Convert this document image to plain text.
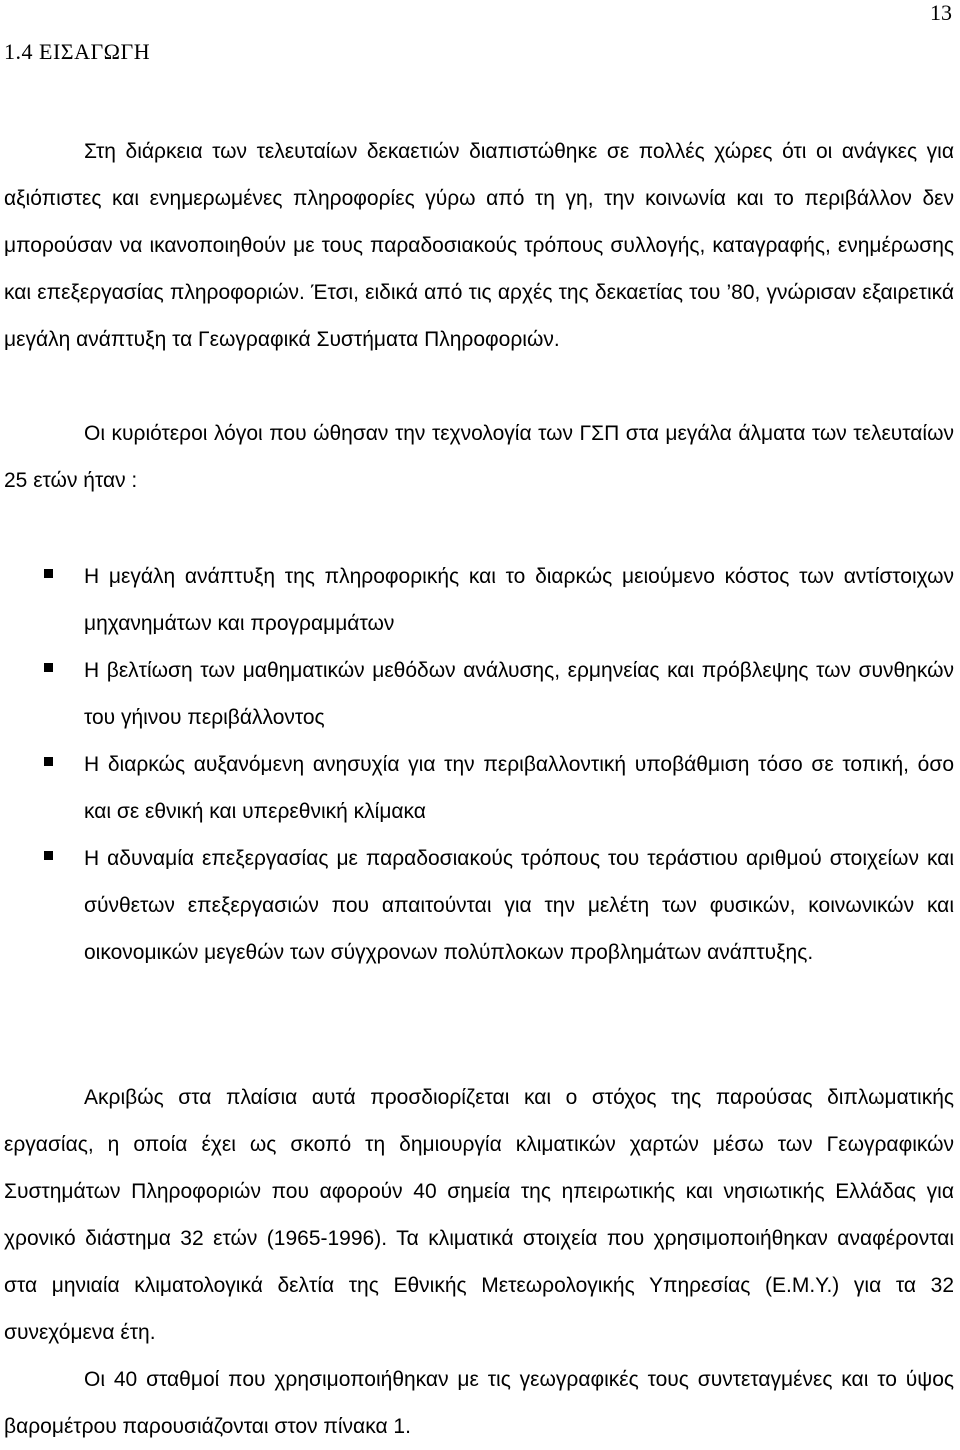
13
1.4 ΕΙΣΑΓΩΓΗ

Στη διάρκεια των τελευταίων δεκαετιών διαπιστώθηκε σε πολλές χώρες ότι οι ανάγκες για αξιόπιστες και ενημερωμένες πληροφορίες γύρω από τη γη, την κοινωνία και το περιβάλλον δεν μπορούσαν να ικανοποιηθούν με τους παραδοσιακούς τρόπους συλλογής, καταγραφής, ενημέρωσης και επεξεργασίας πληροφοριών. Έτσι, ειδικά από τις αρχές της δεκαετίας του ’80, γνώρισαν εξαιρετικά μεγάλη ανάπτυξη τα Γεωγραφικά Συστήματα Πληροφοριών.

Οι κυριότεροι λόγοι που ώθησαν την τεχνολογία των ΓΣΠ στα μεγάλα άλματα των τελευταίων 25 ετών ήταν :

Η μεγάλη ανάπτυξη της πληροφορικής και το διαρκώς μειούμενο κόστος των αντίστοιχων μηχανημάτων και προγραμμάτων
Η βελτίωση των μαθηματικών μεθόδων ανάλυσης, ερμηνείας και πρόβλεψης των συνθηκών του γήινου περιβάλλοντος
Η διαρκώς αυξανόμενη ανησυχία για την περιβαλλοντική υποβάθμιση τόσο σε τοπική, όσο και σε εθνική και υπερεθνική κλίμακα
Η αδυναμία επεξεργασίας με παραδοσιακούς τρόπους του τεράστιου αριθμού στοιχείων και σύνθετων επεξεργασιών που απαιτούνται για την μελέτη των φυσικών, κοινωνικών και οικονομικών μεγεθών των σύγχρονων πολύπλοκων προβλημάτων ανάπτυξης.

Ακριβώς στα πλαίσια αυτά προσδιορίζεται και ο στόχος της παρούσας διπλωματικής εργασίας, η οποία έχει ως σκοπό τη δημιουργία κλιματικών χαρτών μέσω των Γεωγραφικών Συστημάτων Πληροφοριών που αφορούν 40 σημεία της ηπειρωτικής και νησιωτικής Ελλάδας για χρονικό διάστημα 32 ετών (1965-1996). Τα κλιματικά στοιχεία που χρησιμοποιήθηκαν αναφέρονται στα μηνιαία κλιματολογικά δελτία της Εθνικής Μετεωρολογικής Υπηρεσίας (Ε.Μ.Υ.) για τα 32 συνεχόμενα έτη.

Οι 40 σταθμοί που χρησιμοποιήθηκαν με τις γεωγραφικές τους συντεταγμένες και το ύψος βαρομέτρου παρουσιάζονται στον πίνακα 1.
